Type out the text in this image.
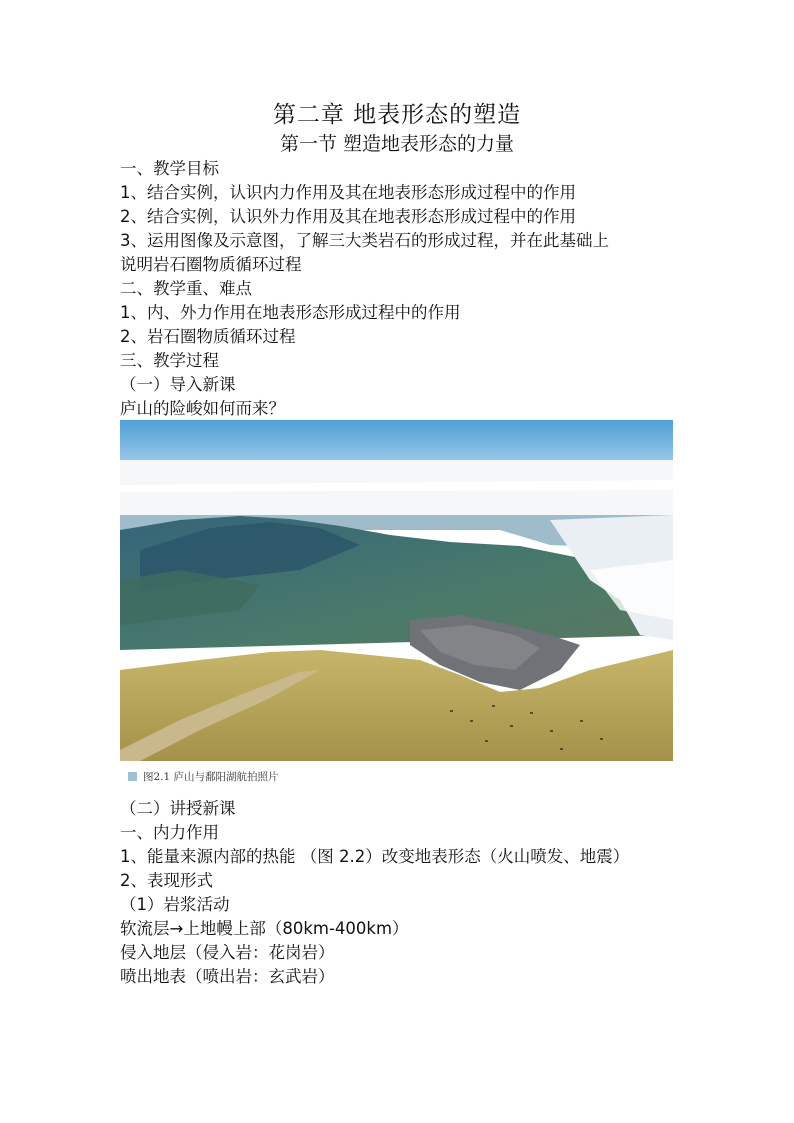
第二章 地表形态的塑造
第一节 塑造地表形态的力量
一、教学目标
1、结合实例，认识内力作用及其在地表形态形成过程中的作用
2、结合实例，认识外力作用及其在地表形态形成过程中的作用
3、运用图像及示意图，了解三大类岩石的形成过程，并在此基础上
说明岩石圈物质循环过程
二、教学重、难点
1、内、外力作用在地表形态形成过程中的作用
2、岩石圈物质循环过程
三、教学过程
（一）导入新课
庐山的险峻如何而来？
图2.1 庐山与鄱阳湖航拍照片
（二）讲授新课
一、内力作用
1、能量来源内部的热能 （图 2.2）改变地表形态（火山喷发、地震）
2、表现形式
（1）岩浆活动
软流层→上地幔上部（80km-400km）
侵入地层（侵入岩：花岗岩）
喷出地表（喷出岩：玄武岩）
